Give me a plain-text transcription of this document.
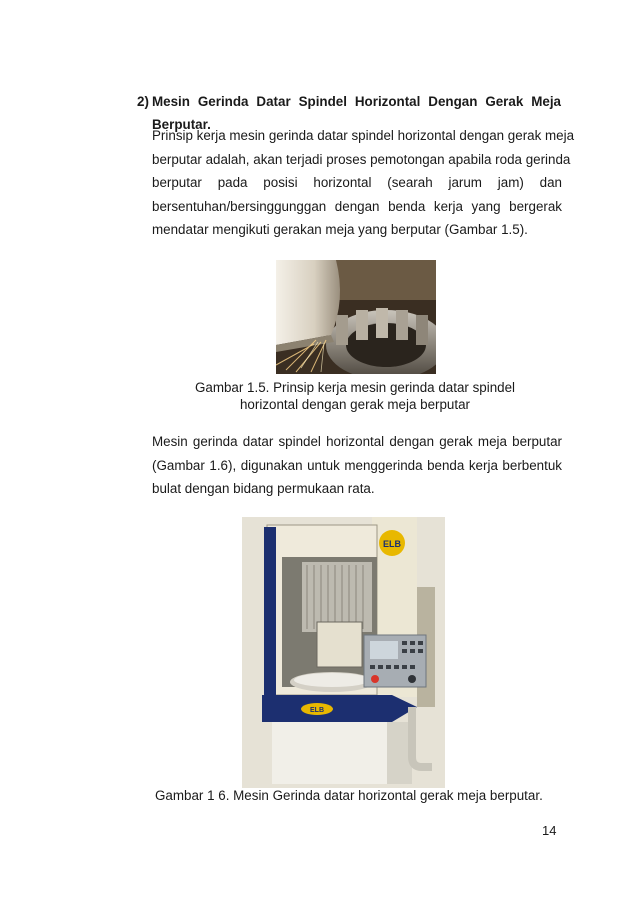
2) Mesin Gerinda Datar Spindel Horizontal Dengan Gerak Meja
Berputar.

Prinsip kerja mesin gerinda datar spindel horizontal dengan gerak meja
berputar adalah, akan terjadi proses pemotongan apabila roda gerinda
berputar pada posisi horizontal (searah jarum jam) dan
bersentuhan/bersinggunggan dengan benda kerja yang bergerak
mendatar mengikuti gerakan meja yang berputar (Gambar 1.5).

Gambar 1.5. Prinsip kerja mesin gerinda datar spindel
horizontal dengan gerak meja berputar

Mesin gerinda datar spindel horizontal dengan gerak meja berputar
(Gambar 1.6), digunakan untuk menggerinda benda kerja berbentuk
bulat dengan bidang permukaan rata.

ELB
ELB
Gambar 1 6. Mesin Gerinda datar horizontal gerak meja berputar.
14
